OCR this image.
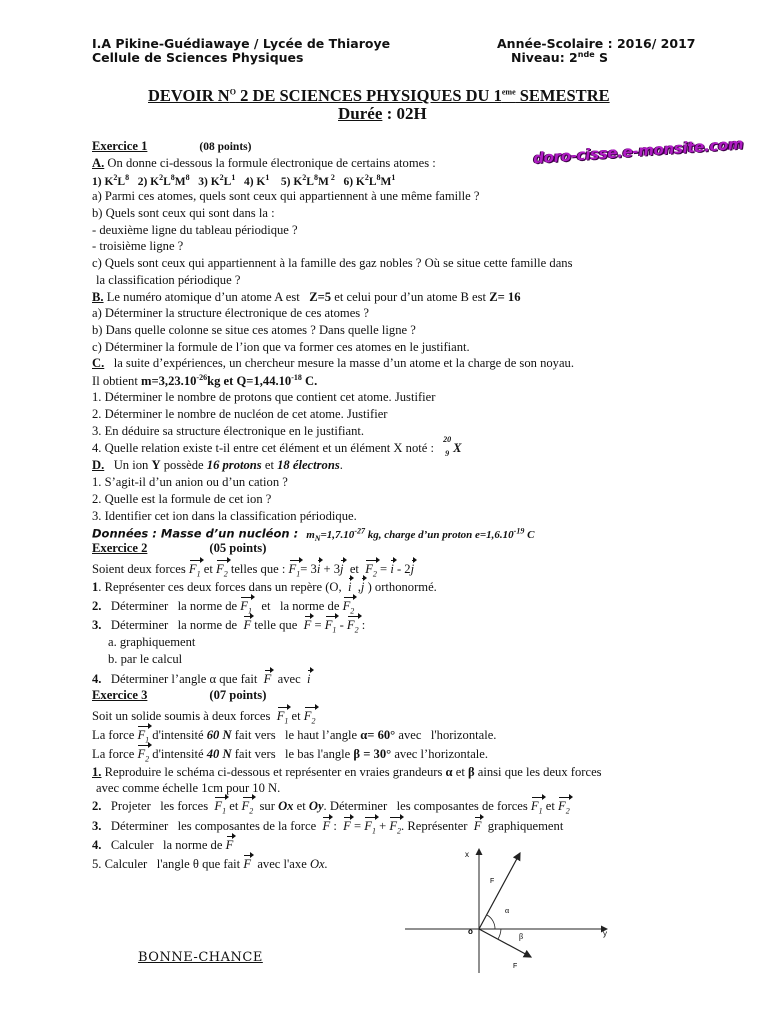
I.A Pikine-Guédiawaye / Lycée de Thiaroye
Cellule de Sciences Physiques
Année-Scolaire : 2016/ 2017
Niveau: 2nde S
DEVOIR $N^O$ 2 DE SCIENCES PHYSIQUES DU 1eme SEMESTRE
Durée : 02H
doro-cisse.e-monsite.com
Exercice 1	(08 points)
A. On donne ci-dessous la formule électronique de certains atomes :
1) $K^2L^8$   2) $K^2L^8M^8$   3) $K^2L^1$   4) $K^1$    5) $K^2L^8M$ $^2$   6) $K^2L^8M^1$
a) Parmi ces atomes, quels sont ceux qui appartiennent à une même famille ?
b) Quels sont ceux qui sont dans la :
- deuxième ligne du tableau périodique ?
- troisième ligne ?
c) Quels sont ceux qui appartiennent à la famille des gaz nobles ? Où se situe cette famille dans
la classification périodique ?
B. Le numéro atomique d’un atome A est   Z=5 et celui pour d’un atome B est Z= 16
a) Déterminer la structure électronique de ces atomes ?
b) Dans quelle colonne se situe ces atomes ? Dans quelle ligne ?
c) Déterminer la formule de l’ion que va former ces atomes en le justifiant.
C.   la suite d’expériences, un chercheur mesure la masse d’un atome et la charge de son noyau.
Il obtient $m=3,23.10^{-26}kg$ et $Q=1,44.10^{-18}$ C.
1. Déterminer le nombre de protons que contient cet atome. Justifier
2. Déterminer le nombre de nucléon de cet atome. Justifier
3. En déduire sa structure électronique en le justifiant.
4. Quelle relation existe t-il entre cet élément et un élément X noté :
20
9 X
D.   Un ion Y possède 16 protons et 18 électrons.
1. S’agit-il d’un anion ou d’un cation ?
2. Quelle est la formule de cet ion ?
3. Identifier cet ion dans la classification périodique.
Données : Masse d’un nucléon :  $m_N=1,7.10^{-27}$ kg, charge d’un proton $e=1,6.10^{-19}$ C
Exercice 2	(05 points)
Soient deux forces $F_1$ et $F_2$ telles que : $F_1= 3i + 3j$  et  $F_2 = i - 2j$
1. Représenter ces deux forces dans un repère (O,  i  ,j ) orthonormé.
2.   Déterminer   la norme de $F_1$   et   la norme de $F_2$
3.   Déterminer   la norme de  F telle que  $F = F_1 - F_2$ :
a. graphiquement
b. par le calcul
4.   Déterminer l’angle α que fait  F  avec  i
Exercice 3	(07 points)
Soit un solide soumis à deux forces  $F_1$ et $F_2$
La force $F_1$ d'intensité 60 N fait vers   le haut l’angle α= 60° avec   l'horizontale.
La force $F_2$ d'intensité 40 N fait vers   le bas l'angle β = 30° avec l’horizontale.
1. Reproduire le schéma ci-dessous et représenter en vraies grandeurs α et β ainsi que les deux forces
avec comme échelle 1cm pour 10 N.
2.   Projeter   les forces  $F_1$ et $F_2$  sur Ox et Oy. Déterminer   les composantes de forces $F_1$ et $F_2$
3.   Déterminer   les composantes de la force  F :  $F = F_1 + F_2$. Représenter  F  graphiquement
4.   Calculer   la norme de F
5. Calculer   l'angle θ que fait F  avec l'axe Ox.
x
y
o
F
F
α
β
BONNE-CHANCE
